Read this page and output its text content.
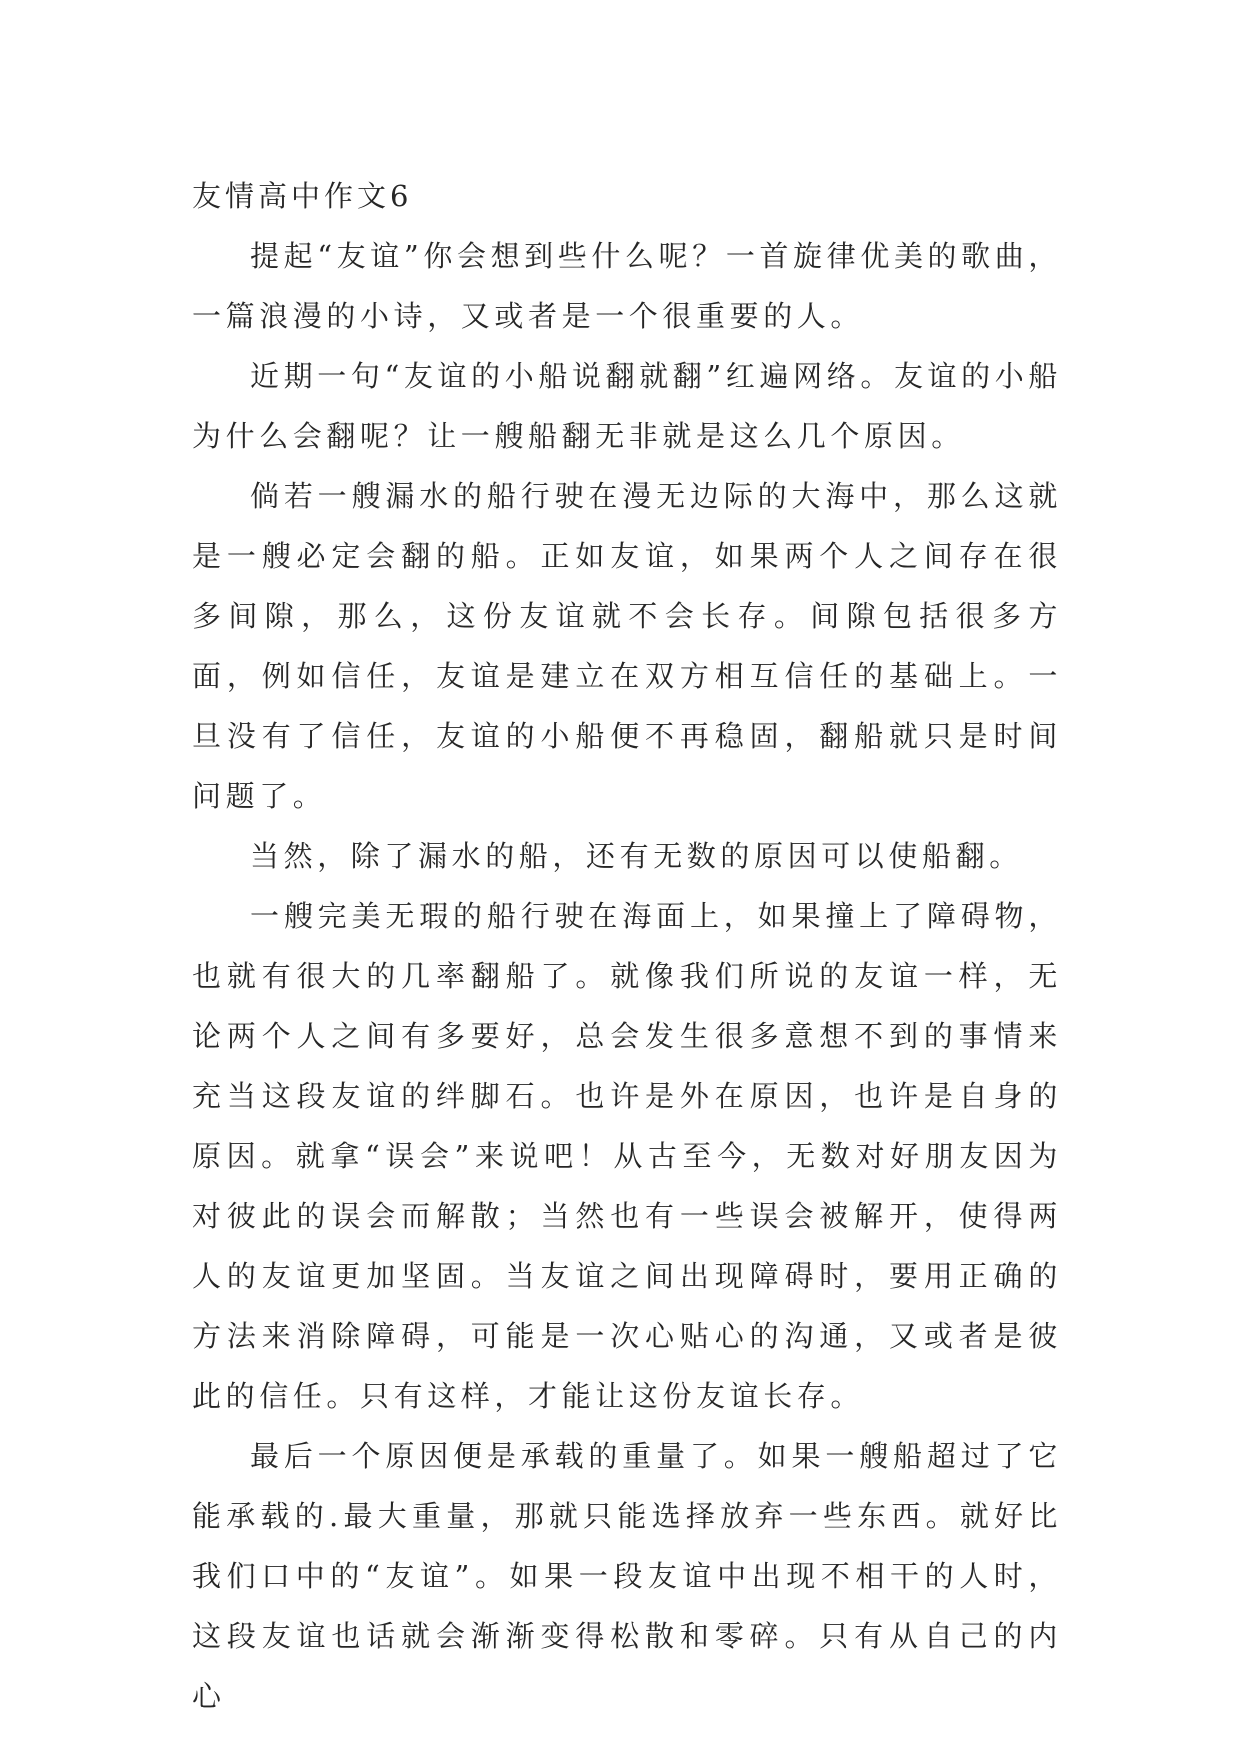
友情高中作文6

提起“友谊”你会想到些什么呢？一首旋律优美的歌曲，一篇浪漫的小诗，又或者是一个很重要的人。

近期一句“友谊的小船说翻就翻”红遍网络。友谊的小船为什么会翻呢？让一艘船翻无非就是这么几个原因。

倘若一艘漏水的船行驶在漫无边际的大海中，那么这就是一艘必定会翻的船。正如友谊，如果两个人之间存在很多间隙，那么，这份友谊就不会长存。间隙包括很多方面，例如信任，友谊是建立在双方相互信任的基础上。一旦没有了信任，友谊的小船便不再稳固，翻船就只是时间问题了。

当然，除了漏水的船，还有无数的原因可以使船翻。

一艘完美无瑕的船行驶在海面上，如果撞上了障碍物，也就有很大的几率翻船了。就像我们所说的友谊一样，无论两个人之间有多要好，总会发生很多意想不到的事情来充当这段友谊的绊脚石。也许是外在原因，也许是自身的原因。就拿“误会”来说吧！从古至今，无数对好朋友因为对彼此的误会而解散；当然也有一些误会被解开，使得两人的友谊更加坚固。当友谊之间出现障碍时，要用正确的方法来消除障碍，可能是一次心贴心的沟通，又或者是彼此的信任。只有这样，才能让这份友谊长存。

最后一个原因便是承载的重量了。如果一艘船超过了它能承载的.最大重量，那就只能选择放弃一些东西。就好比我们口中的“友谊”。如果一段友谊中出现不相干的人时，这段友谊也话就会渐渐变得松散和零碎。只有从自己的内心
